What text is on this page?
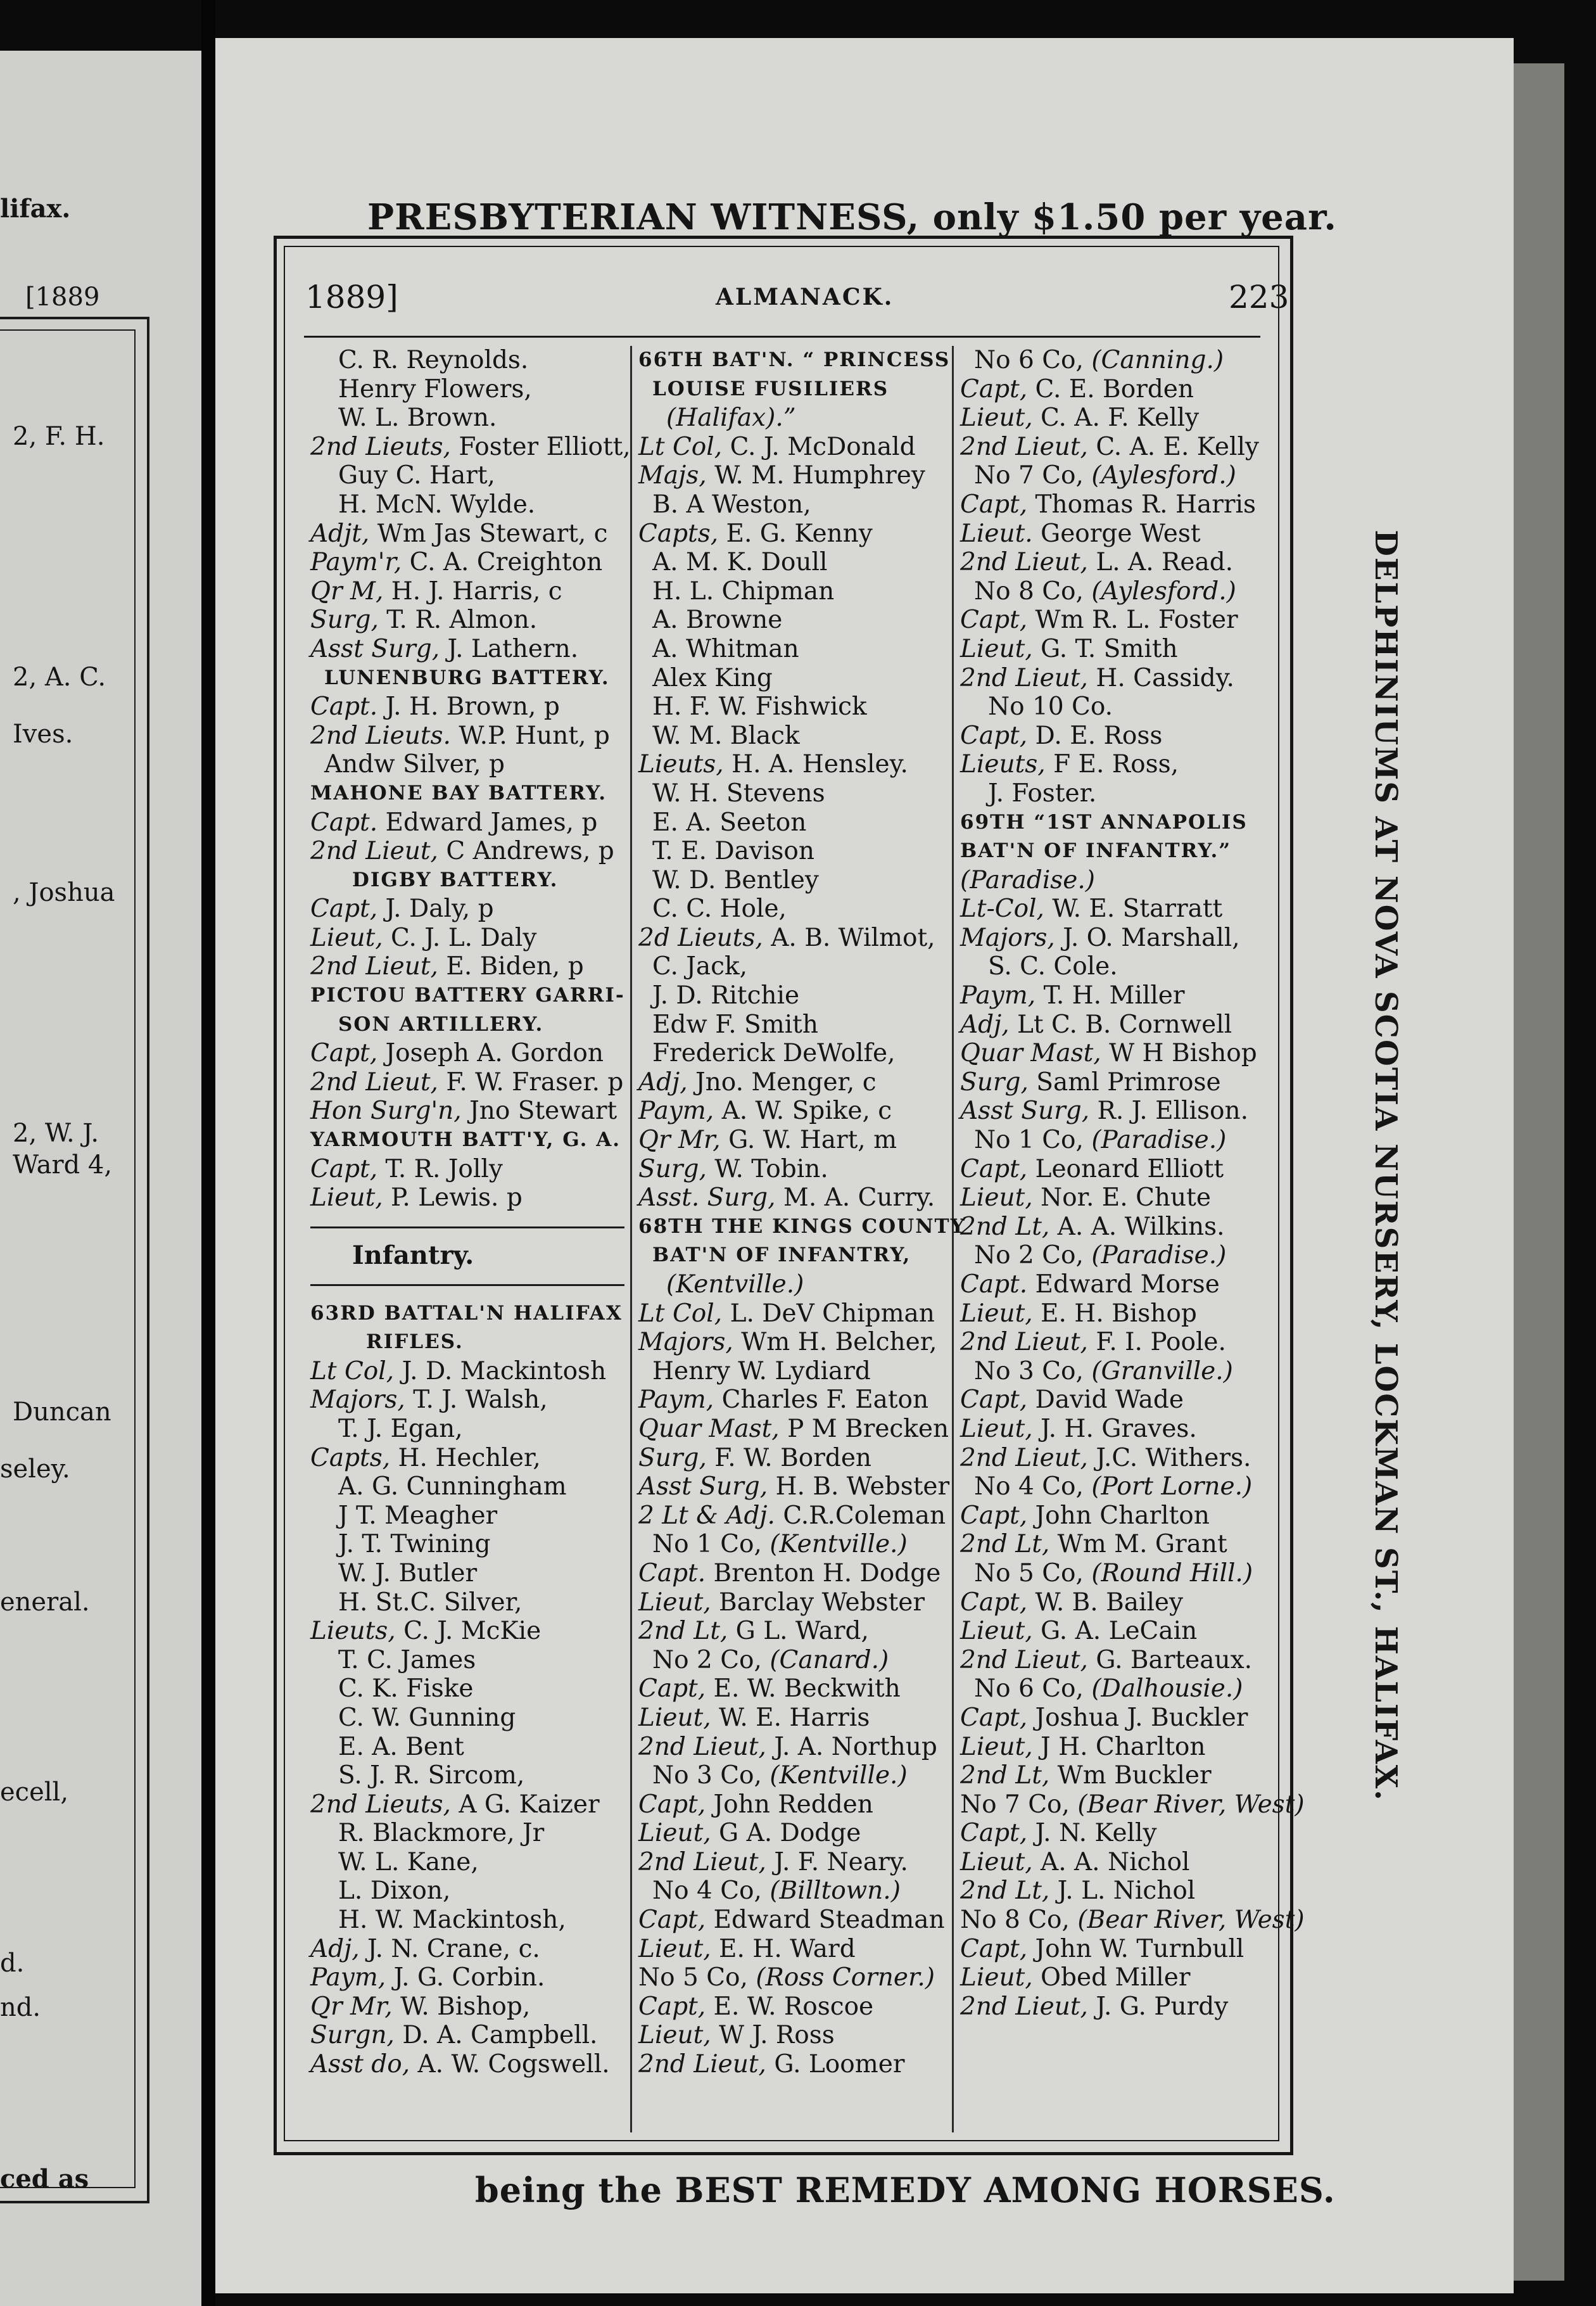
lifax.
[1889
2, F. H.
2, A. C.
Ives.
, Joshua
2, W. J.
Ward 4,
Duncan
seley.
eneral.
ecell,
d.
nd.
ced as
PRESBYTERIAN WITNESS, only $1.50 per year.
1889]	ALMANACK.	223
C. R. Reynolds.
Henry Flowers,
W. L. Brown.
2nd Lieuts, Foster Elliott,
Guy C. Hart,
H. McN. Wylde.
Adjt, Wm Jas Stewart, c
Paym'r, C. A. Creighton
Qr M, H. J. Harris, c
Surg, T. R. Almon.
Asst Surg, J. Lathern.
LUNENBURG BATTERY.
Capt. J. H. Brown, p
2nd Lieuts. W.P. Hunt, p
Andw Silver, p
MAHONE BAY BATTERY.
Capt. Edward James, p
2nd Lieut, C Andrews, p
DIGBY BATTERY.
Capt, J. Daly, p
Lieut, C. J. L. Daly
2nd Lieut, E. Biden, p
PICTOU BATTERY GARRI-
SON ARTILLERY.
Capt, Joseph A. Gordon
2nd Lieut, F. W. Fraser. p
Hon Surg'n, Jno Stewart
YARMOUTH BATT'Y, G. A.
Capt, T. R. Jolly
Lieut, P. Lewis. p
Infantry.
63RD BATTAL'N HALIFAX
RIFLES.
Lt Col, J. D. Mackintosh
Majors, T. J. Walsh,
T. J. Egan,
Capts, H. Hechler,
A. G. Cunningham
J T. Meagher
J. T. Twining
W. J. Butler
H. St.C. Silver,
Lieuts, C. J. McKie
T. C. James
C. K. Fiske
C. W. Gunning
E. A. Bent
S. J. R. Sircom,
2nd Lieuts, A G. Kaizer
R. Blackmore, Jr
W. L. Kane,
L. Dixon,
H. W. Mackintosh,
Adj, J. N. Crane, c.
Paym, J. G. Corbin.
Qr Mr, W. Bishop,
Surgn, D. A. Campbell.
Asst do, A. W. Cogswell.
66TH BAT'N. “ PRINCESS
LOUISE FUSILIERS
(Halifax).”
Lt Col, C. J. McDonald
Majs, W. M. Humphrey
B. A Weston,
Capts, E. G. Kenny
A. M. K. Doull
H. L. Chipman
A. Browne
A. Whitman
Alex King
H. F. W. Fishwick
W. M. Black
Lieuts, H. A. Hensley.
W. H. Stevens
E. A. Seeton
T. E. Davison
W. D. Bentley
C. C. Hole,
2d Lieuts, A. B. Wilmot,
C. Jack,
J. D. Ritchie
Edw F. Smith
Frederick DeWolfe,
Adj, Jno. Menger, c
Paym, A. W. Spike, c
Qr Mr, G. W. Hart, m
Surg, W. Tobin.
Asst. Surg, M. A. Curry.
68TH THE KINGS COUNTY
BAT'N OF INFANTRY,
(Kentville.)
Lt Col, L. DeV Chipman
Majors, Wm H. Belcher,
Henry W. Lydiard
Paym, Charles F. Eaton
Quar Mast, P M Brecken
Surg, F. W. Borden
Asst Surg, H. B. Webster
2 Lt & Adj. C.R.Coleman
No 1 Co, (Kentville.)
Capt. Brenton H. Dodge
Lieut, Barclay Webster
2nd Lt, G L. Ward,
No 2 Co, (Canard.)
Capt, E. W. Beckwith
Lieut, W. E. Harris
2nd Lieut, J. A. Northup
No 3 Co, (Kentville.)
Capt, John Redden
Lieut, G A. Dodge
2nd Lieut, J. F. Neary.
No 4 Co, (Billtown.)
Capt, Edward Steadman
Lieut, E. H. Ward
No 5 Co, (Ross Corner.)
Capt, E. W. Roscoe
Lieut, W J. Ross
2nd Lieut, G. Loomer
No 6 Co, (Canning.)
Capt, C. E. Borden
Lieut, C. A. F. Kelly
2nd Lieut, C. A. E. Kelly
No 7 Co, (Aylesford.)
Capt, Thomas R. Harris
Lieut. George West
2nd Lieut, L. A. Read.
No 8 Co, (Aylesford.)
Capt, Wm R. L. Foster
Lieut, G. T. Smith
2nd Lieut, H. Cassidy.
No 10 Co.
Capt, D. E. Ross
Lieuts, F E. Ross,
J. Foster.
69TH “1ST ANNAPOLIS
BAT'N OF INFANTRY.”
(Paradise.)
Lt-Col, W. E. Starratt
Majors, J. O. Marshall,
S. C. Cole.
Paym, T. H. Miller
Adj, Lt C. B. Cornwell
Quar Mast, W H Bishop
Surg, Saml Primrose
Asst Surg, R. J. Ellison.
No 1 Co, (Paradise.)
Capt, Leonard Elliott
Lieut, Nor. E. Chute
2nd Lt, A. A. Wilkins.
No 2 Co, (Paradise.)
Capt. Edward Morse
Lieut, E. H. Bishop
2nd Lieut, F. I. Poole.
No 3 Co, (Granville.)
Capt, David Wade
Lieut, J. H. Graves.
2nd Lieut, J.C. Withers.
No 4 Co, (Port Lorne.)
Capt, John Charlton
2nd Lt, Wm M. Grant
No 5 Co, (Round Hill.)
Capt, W. B. Bailey
Lieut, G. A. LeCain
2nd Lieut, G. Barteaux.
No 6 Co, (Dalhousie.)
Capt, Joshua J. Buckler
Lieut, J H. Charlton
2nd Lt, Wm Buckler
No 7 Co, (Bear River, West)
Capt, J. N. Kelly
Lieut, A. A. Nichol
2nd Lt, J. L. Nichol
No 8 Co, (Bear River, West)
Capt, John W. Turnbull
Lieut, Obed Miller
2nd Lieut, J. G. Purdy
DELPHINIUMS AT NOVA SCOTIA NURSERY, LOCKMAN ST., HALIFAX.
being the BEST REMEDY AMONG HORSES.
